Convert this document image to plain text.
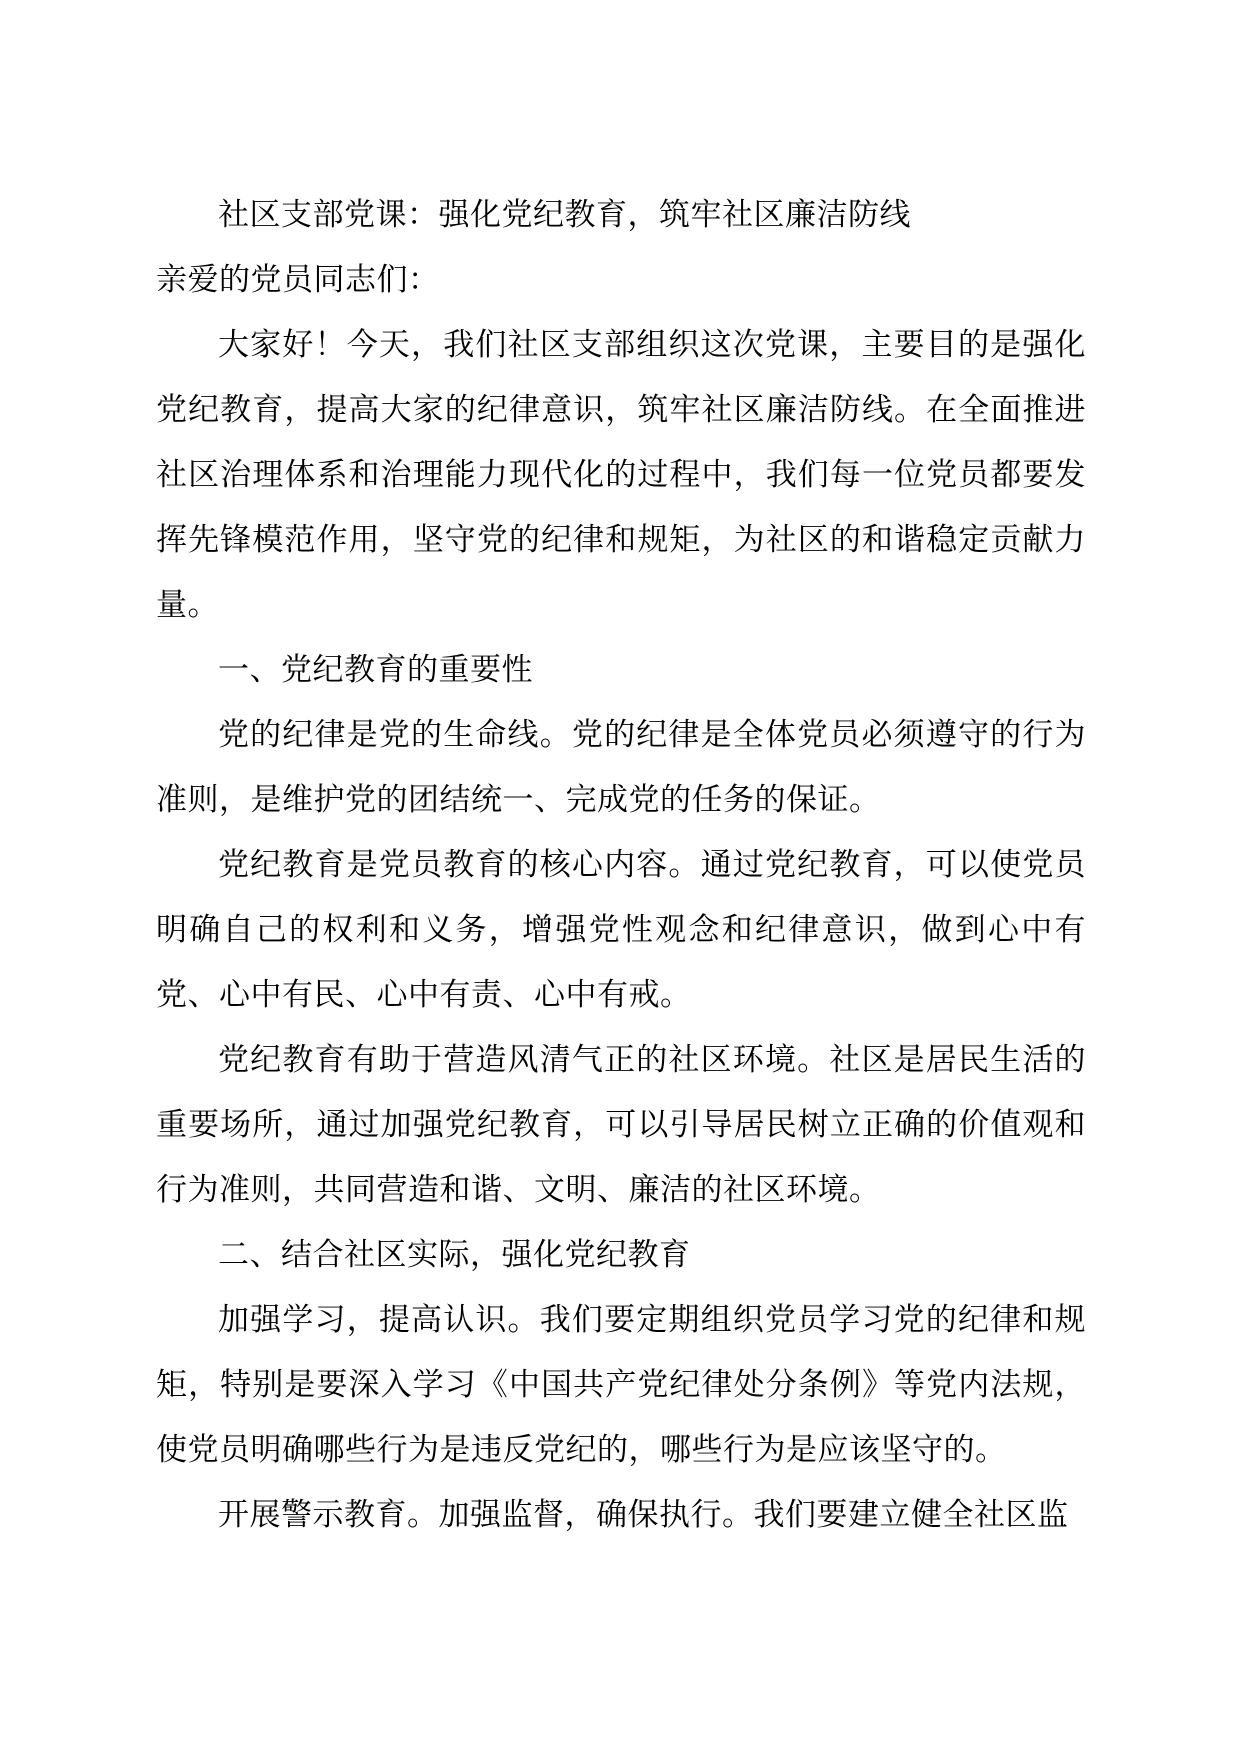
社区支部党课：强化党纪教育，筑牢社区廉洁防线

亲爱的党员同志们：

大家好！今天，我们社区支部组织这次党课，主要目的是强化党纪教育，提高大家的纪律意识，筑牢社区廉洁防线。在全面推进社区治理体系和治理能力现代化的过程中，我们每一位党员都要发挥先锋模范作用，坚守党的纪律和规矩，为社区的和谐稳定贡献力量。

一、党纪教育的重要性

党的纪律是党的生命线。党的纪律是全体党员必须遵守的行为准则，是维护党的团结统一、完成党的任务的保证。

党纪教育是党员教育的核心内容。通过党纪教育，可以使党员明确自己的权利和义务，增强党性观念和纪律意识，做到心中有党、心中有民、心中有责、心中有戒。

党纪教育有助于营造风清气正的社区环境。社区是居民生活的重要场所，通过加强党纪教育，可以引导居民树立正确的价值观和行为准则，共同营造和谐、文明、廉洁的社区环境。

二、结合社区实际，强化党纪教育

加强学习，提高认识。我们要定期组织党员学习党的纪律和规矩，特别是要深入学习《中国共产党纪律处分条例》等党内法规，使党员明确哪些行为是违反党纪的，哪些行为是应该坚守的。

开展警示教育。加强监督，确保执行。我们要建立健全社区监
